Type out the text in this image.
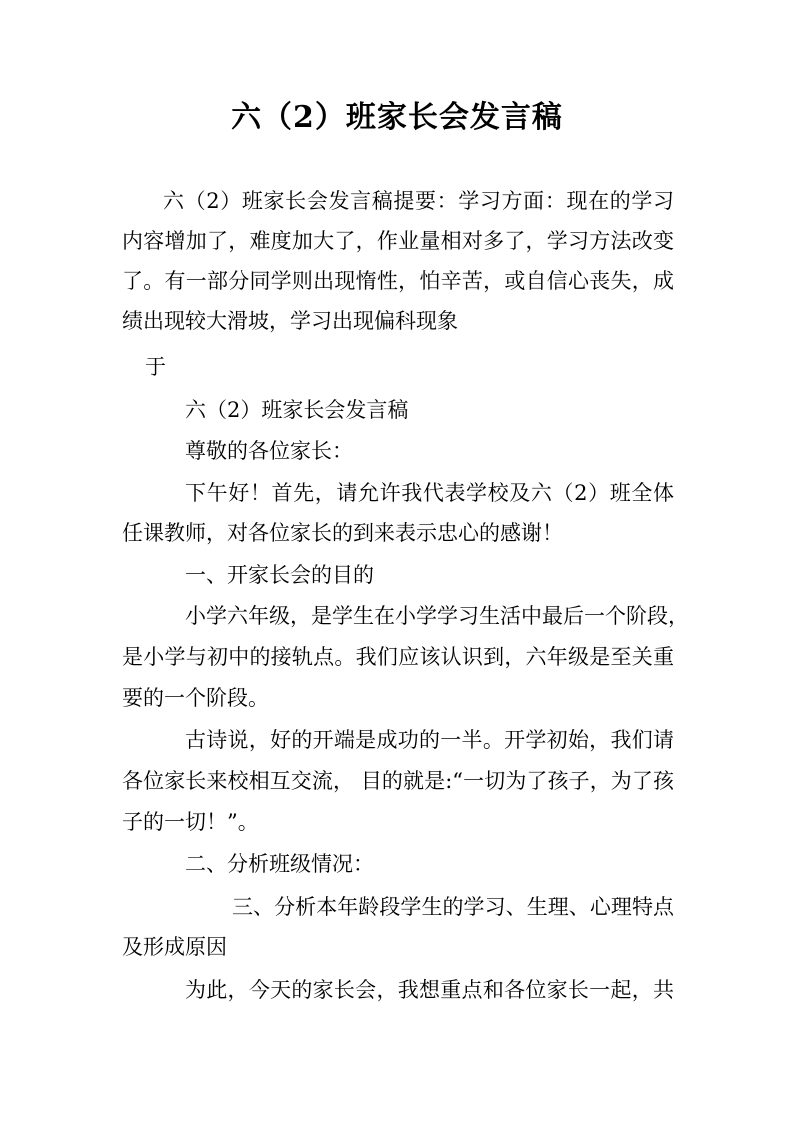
六（2）班家长会发言稿
六（2）班家长会发言稿提要：学习方面：现在的学习
内容增加了，难度加大了，作业量相对多了，学习方法改变
了。有一部分同学则出现惰性，怕辛苦，或自信心丧失，成
绩出现较大滑坡，学习出现偏科现象
于
六（2）班家长会发言稿
尊敬的各位家长：
下午好！首先，请允许我代表学校及六（2）班全体
任课教师，对各位家长的到来表示忠心的感谢！
一、开家长会的目的
小学六年级，是学生在小学学习生活中最后一个阶段，
是小学与初中的接轨点。我们应该认识到，六年级是至关重
要的一个阶段。
古诗说，好的开端是成功的一半。开学初始，我们请
各位家长来校相互交流， 目的就是:“一切为了孩子，为了孩
子的一切！”。
二、分析班级情况：
三、分析本年龄段学生的学习、生理、心理特点
及形成原因
为此，今天的家长会，我想重点和各位家长一起，共
